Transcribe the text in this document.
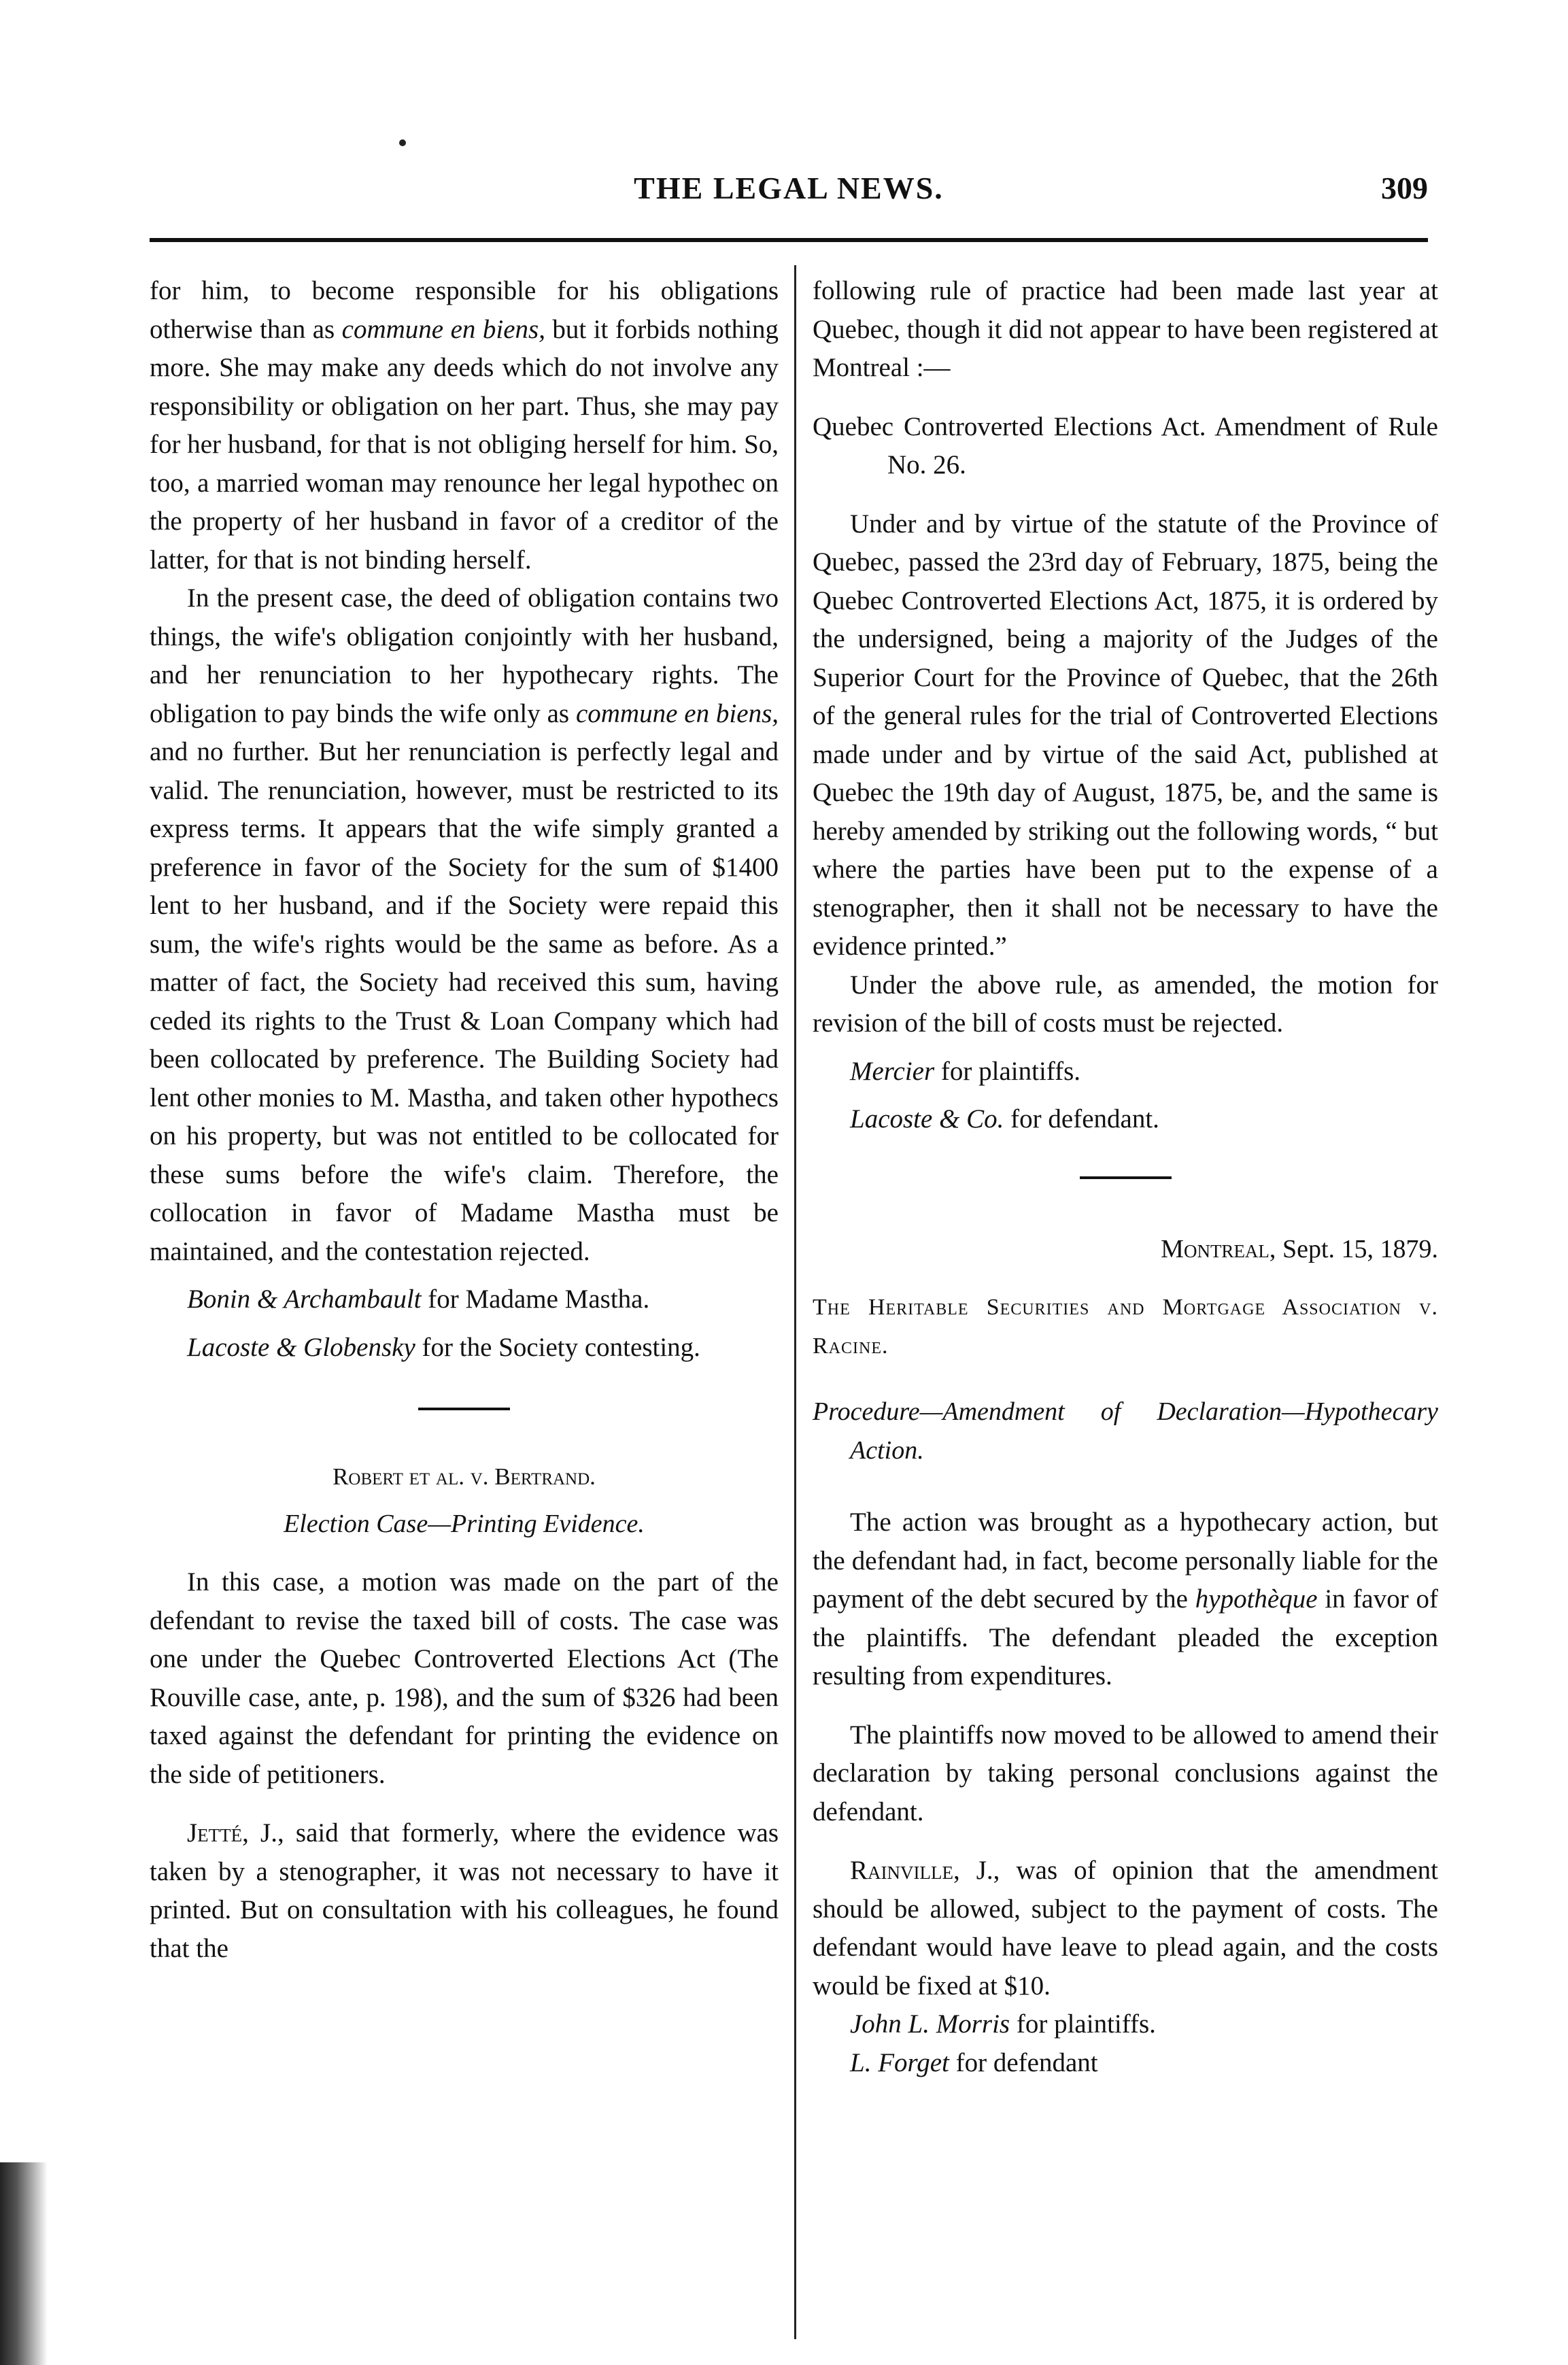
THE LEGAL NEWS.	309

for him, to become responsible for his obligations otherwise than as commune en biens, but it forbids nothing more. She may make any deeds which do not involve any responsibility or obligation on her part. Thus, she may pay for her husband, for that is not obliging herself for him. So, too, a married woman may renounce her legal hypothec on the property of her husband in favor of a creditor of the latter, for that is not binding herself.

In the present case, the deed of obligation contains two things, the wife's obligation conjointly with her husband, and her renunciation to her hypothecary rights. The obligation to pay binds the wife only as commune en biens, and no further. But her renunciation is perfectly legal and valid. The renunciation, however, must be restricted to its express terms. It appears that the wife simply granted a preference in favor of the Society for the sum of $1400 lent to her husband, and if the Society were repaid this sum, the wife's rights would be the same as before. As a matter of fact, the Society had received this sum, having ceded its rights to the Trust & Loan Company which had been collocated by preference. The Building Society had lent other monies to M. Mastha, and taken other hypothecs on his property, but was not entitled to be collocated for these sums before the wife's claim. Therefore, the collocation in favor of Madame Mastha must be maintained, and the contestation rejected.

Bonin & Archambault for Madame Mastha.

Lacoste & Globensky for the Society contesting.

Robert et al. v. Bertrand.

Election Case—Printing Evidence.

In this case, a motion was made on the part of the defendant to revise the taxed bill of costs. The case was one under the Quebec Controverted Elections Act (The Rouville case, ante, p. 198), and the sum of $326 had been taxed against the defendant for printing the evidence on the side of petitioners.

Jetté, J., said that formerly, where the evidence was taken by a stenographer, it was not necessary to have it printed. But on consultation with his colleagues, he found that the

following rule of practice had been made last year at Quebec, though it did not appear to have been registered at Montreal :—

Quebec Controverted Elections Act. Amendment of Rule No. 26.

Under and by virtue of the statute of the Province of Quebec, passed the 23rd day of February, 1875, being the Quebec Controverted Elections Act, 1875, it is ordered by the undersigned, being a majority of the Judges of the Superior Court for the Province of Quebec, that the 26th of the general rules for the trial of Controverted Elections made under and by virtue of the said Act, published at Quebec the 19th day of August, 1875, be, and the same is hereby amended by striking out the following words, “ but where the parties have been put to the expense of a stenographer, then it shall not be necessary to have the evidence printed.”

Under the above rule, as amended, the motion for revision of the bill of costs must be rejected.

Mercier for plaintiffs.

Lacoste & Co. for defendant.

Montreal, Sept. 15, 1879.

The Heritable Securities and Mortgage Association v. Racine.

Procedure—Amendment of Declaration—Hypothecary Action.

The action was brought as a hypothecary action, but the defendant had, in fact, become personally liable for the payment of the debt secured by the hypothèque in favor of the plaintiffs. The defendant pleaded the exception resulting from expenditures.

The plaintiffs now moved to be allowed to amend their declaration by taking personal conclusions against the defendant.

Rainville, J., was of opinion that the amendment should be allowed, subject to the payment of costs. The defendant would have leave to plead again, and the costs would be fixed at $10.

John L. Morris for plaintiffs.

L. Forget for defendant
